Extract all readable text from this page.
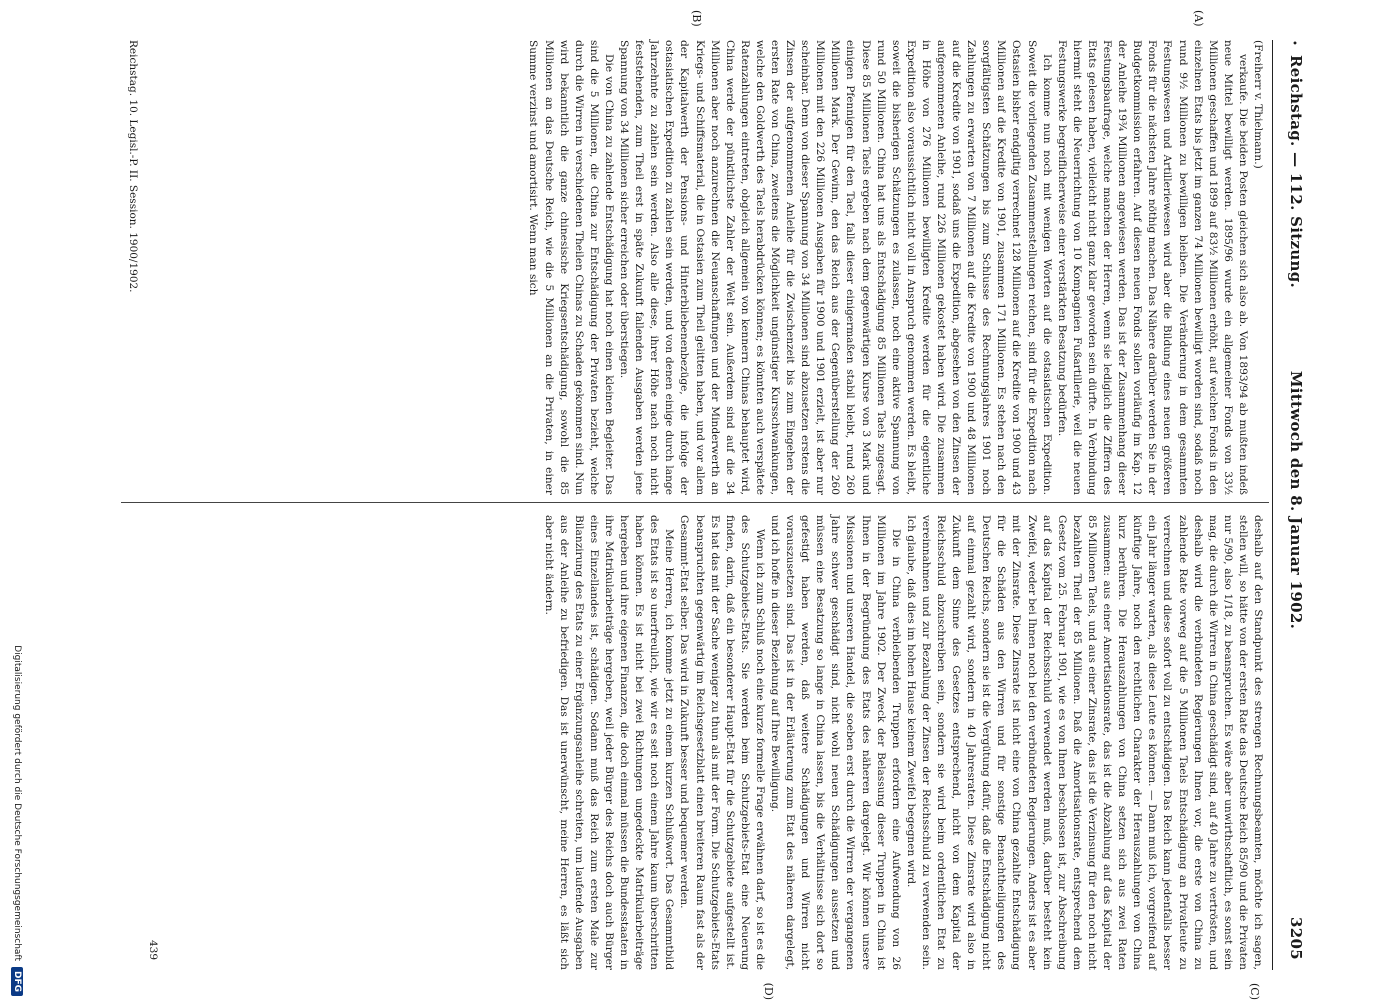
•
Reichstag. — 112. Sitzung.
Mittwoch den 8. Januar 1902.
3205
(A)
(B)
(C)
(D)

(Freiherr v. Thielmann.)

verkaufe. Die beiden Posten gleichen sich also ab. Von 1893/94 ab mußten indeß neue Mittel bewilligt werden. 1895/96 wurde ein allgemeiner Fonds von 33½ Millionen geschaffen und 1899 auf 83½ Millionen erhöht, auf welchen Fonds in den einzelnen Etats bis jetzt im ganzen 74 Millionen bewilligt worden sind, sodaß noch rund 9½ Millionen zu bewilligen bleiben. Die Veränderung in dem gesammten Festungswesen und Artilleriewesen wird aber die Bildung eines neuen größeren Fonds für die nächsten Jahre nöthig machen. Das Nähere darüber werden Sie in der Budgetkommission erfahren. Auf diesen neuen Fonds sollen vorläufig im Kap. 12 der Anleihe 19¾ Millionen angewiesen werden. Das ist der Zusammenhang dieser Festungsbaufrage, welche manchen der Herren, wenn sie lediglich die Ziffern des Etats gelesen haben, vielleicht nicht ganz klar geworden sein dürfte. In Verbindung hiermit steht die Neuerrichtung von 10 Kompagnien Fußartillerie, weil die neuen Festungswerke begreiflicherweise einer verstärkten Besatzung bedürfen.

Ich komme nun noch mit wenigen Worten auf die ostasiatischen Expedition. Soweit die vorliegenden Zusammenstellungen reichen, sind für die Expedition nach Ostasien bisher endgiltig verrechnet 128 Millionen auf die Kredite von 1900 und 43 Millionen auf die Kredite von 1901, zusammen 171 Millionen. Es stehen nach den sorgfältigsten Schätzungen bis zum Schlusse des Rechnungsjahres 1901 noch Zahlungen zu erwarten von 7 Millionen auf die Kredite von 1900 und 48 Millionen auf die Kredite von 1901, sodaß uns die Expedition, abgesehen von den Zinsen der aufgenommenen Anleihe, rund 226 Millionen gekostet haben wird. Die zusammen in Höhe von 276 Millionen bewilligten Kredite werden für die eigentliche Expedition also voraussichtlich nicht voll in Anspruch genommen werden. Es bleibt, soweit die bisherigen Schätzungen es zulassen, noch eine aktive Spannung von rund 50 Millionen. China hat uns als Entschädigung 85 Millionen Taels zugesagt. Diese 85 Millionen Taels ergeben nach dem gegenwärtigen Kurse von 3 Mark und einigen Pfennigen für den Tael, falls dieser einigermaßen stabil bleibt, rund 260 Millionen Mark. Der Gewinn, den das Reich aus der Gegenüberstellung der 260 Millionen mit den 226 Millionen Ausgaben für 1900 und 1901 erzielt, ist aber nur scheinbar. Denn von dieser Spannung von 34 Millionen sind abzusetzen erstens die Zinsen der aufgenommenen Anleihe für die Zwischenzeit bis zum Eingehen der ersten Rate von China, zweitens die Möglichkeit ungünstiger Kursschwankungen, welche den Goldwerth des Taels herabdrücken können; es könnten auch verspätete Ratenzahlungen eintreten, obgleich allgemein von kennern Chinas behauptet wird, China werde der pünktlichste Zahler der Welt sein. Außerdem sind auf die 34 Millionen aber noch anzurechnen die Neuanschaffungen und der Minderwerth an Kriegs- und Schiffsmaterial, die in Ostasien zum Theil gelitten haben, und vor allem der Kapitalwerth der Pensions- und Hinterbliebenenbezüge, die infolge der ostasiatischen Expedition zu zahlen sein werden, und von denen einige durch lange Jahrzehnte zu zahlen sein werden. Also alle diese, ihrer Höhe nach noch nicht feststehenden, zum Theil erst in späte Zukunft fallenden Ausgaben werden jene Spannung von 34 Millionen sicher erreichen oder überstiegen.

Die von China zu zahlende Entschädigung hat noch einen kleinen Begleiter. Das sind die 5 Millionen, die China zur Entschädigung der Privaten bezieht, welche durch die Wirren in verschiedenen Theilen Chinas zu Schaden gekommen sind. Nun wird bekanntlich die ganze chinesische Kriegsentschädigung, sowohl die 85 Millionen an das Deutsche Reich, wie die 5 Millionen an die Privaten, in einer Summe verzinst und amortisirt. Wenn man sich

deshalb auf den Standpunkt des strengen Rechnungsbeamten, möchte ich sagen, stellen will, so hätte von der ersten Rate das Deutsche Reich 85/90 und die Privaten nur 5/90, also 1/18, zu beanspruchen. Es wäre aber unwirthschaftlich, es sonst sein mag, die durch die Wirren in China geschädigt sind, auf 40 Jahre zu vertrösten, und deshalb wird die verbündeten Regierungen Ihnen vor, die erste von China zu zahlende Rate vorweg auf die 5 Millionen Taels Entschädigung an Privatleute zu verrechnen und diese sofort voll zu entschädigen. Das Reich kann jedenfalls besser ein Jahr länger warten, als diese Leute es können. — Dann muß ich, vorgreifend auf künftige Jahre, noch den rechtlichen Charakter der Herauszahlungen von China kurz berühren. Die Herauszahlungen von China setzen sich aus zwei Raten zusammen: aus einer Amortisationsrate, das ist die Abzahlung auf das Kapital der 85 Millionen Taels, und aus einer Zinsrate, das ist die Verzinsung für den noch nicht bezahlten Theil der 85 Millionen. Daß die Amortisationsrate, entsprechend dem Gesetz vom 25. Februar 1901, wie es von Ihnen beschlossen ist, zur Abschreibung auf das Kapital der Reichsschuld verwendet werden muß, darüber besteht kein Zweifel, weder bei Ihnen noch bei den verbündeten Regierungen. Anders ist es aber mit der Zinsrate. Diese Zinsrate ist nicht eine von China gezahlte Entschädigung für die Schäden aus den Wirren und für sonstige Benachtheiligungen des Deutschen Reichs, sondern sie ist die Vergütung dafür, daß die Entschädigung nicht auf einmal gezahlt wird, sondern in 40 Jahresraten. Diese Zinsrate wird also in Zukunft dem Sinne des Gesetzes entsprechend, nicht von dem Kapital der Reichsschuld abzuschreiben sein, sondern sie wird beim ordentlichen Etat zu vereinnahmen und zur Bezahlung der Zinsen der Reichsschuld zu verwenden sein. Ich glaube, daß dies im hohen Hause keinem Zweifel begegnen wird.

Die in China verbleibenden Truppen erfordern eine Aufwendung von 26 Millionen im Jahre 1902. Der Zweck der Belassung dieser Truppen in China ist Ihnen in der Begründung des Etats des näheren dargelegt. Wir können unsere Missionen und unseren Handel, die soeben erst durch die Wirren der vergangenen Jahre schwer geschädigt sind, nicht wohl neuen Schädigungen aussetzen und müssen eine Besatzung so lange in China lassen, bis die Verhältnisse sich dort so gefestigt haben werden, daß weitere Schädigungen und Wirren nicht vorauszusetzen sind. Das ist in der Erläuterung zum Etat des näheren dargelegt, und ich hoffe in dieser Beziehung auf Ihre Bewilligung.

Wenn ich zum Schluß noch eine kurze formelle Frage erwähnen darf, so ist es die des Schutzgebiets-Etats. Sie werden beim Schutzgebiets-Etat eine Neuerung finden, darin, daß ein besonderer Haupt-Etat für die Schutzgebiete aufgestellt ist. Es hat das mit der Sache weniger zu thun als mit der Form. Die Schutzgebiets-Etats beanspruchten gegenwärtig im Reichsgesetzblatt einen breiteren Raum fast als der Gesammt-Etat selber. Das wird in Zukunft besser und bequemer werden.

Meine Herren, ich komme jetzt zu einem kurzen Schlußwort. Das Gesammtbild des Etats ist so unerfreulich, wie wir es seit noch einem Jahre kaum überschritten haben können. Es ist nicht bei zwei Richtungen ungedeckte Matrikularbeiträge hergeben und ihre eigenen Finanzen, die doch einmal müssen die Bundesstaaten in ihre Matrikularbeiträge hergeben, weil jeder Bürger des Reichs doch auch Bürger eines Einzellandes ist, schädigen. Sodann muß das Reich zum ersten Male zur Bilanzirung des Etats zu einer Ergänzungsanleihe schreiten, um laufende Ausgaben aus der Anleihe zu befriedigen. Das ist unerwünscht, meine Herren, es läßt sich aber nicht ändern.

Reichstag. 10. Legisl.-P. II. Session. 1900/1902.
439
Digitalisierung gefördert durch die Deutsche ForschungsgemeinschaftDFG
